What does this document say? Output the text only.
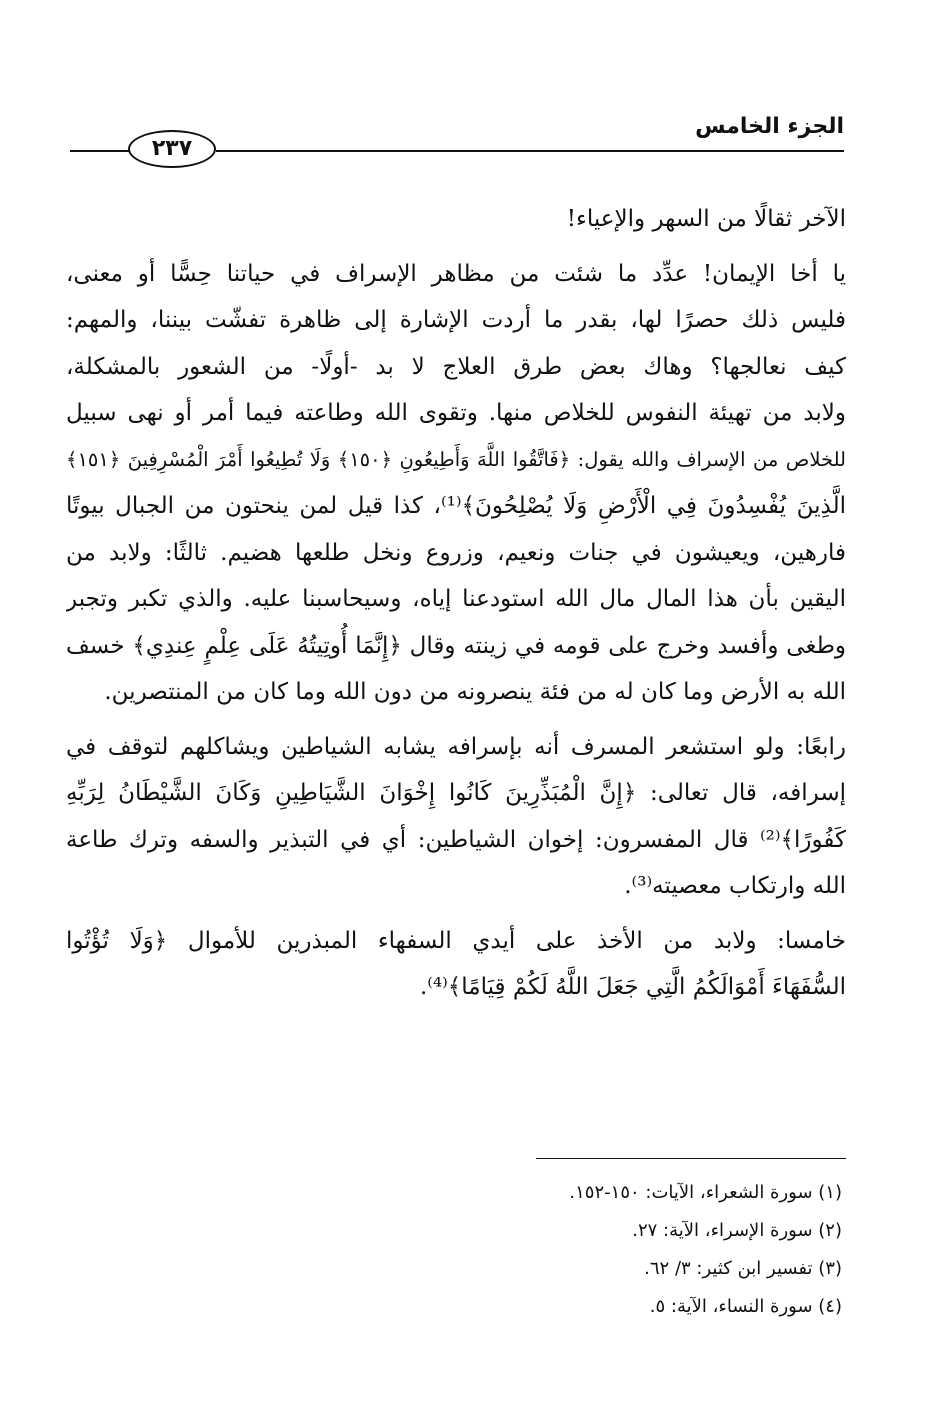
الجزء الخامس
٢٣٧
الآخر ثقالًا من السهر والإعياء!
يا أخا الإيمان! عدِّد ما شئت من مظاهر الإسراف في حياتنا حِسًّا أو معنى،
فليس ذلك حصرًا لها، بقدر ما أردت الإشارة إلى ظاهرة تفشّت بيننا، والمهم:
كيف نعالجها؟ وهاك بعض طرق العلاج لا بد -أولًا- من الشعور بالمشكلة،
ولابد من تهيئة النفوس للخلاص منها. وتقوى الله وطاعته فيما أمر أو نهى سبيل
للخلاص من الإسراف والله يقول: ﴿فَاتَّقُوا اللَّهَ وَأَطِيعُونِ ﴿١٥٠﴾ وَلَا تُطِيعُوا أَمْرَ الْمُسْرِفِينَ ﴿١٥١﴾
الَّذِينَ يُفْسِدُونَ فِي الْأَرْضِ وَلَا يُصْلِحُونَ﴾⁽¹⁾، كذا قيل لمن ينحتون من الجبال بيوتًا
فارهين، ويعيشون في جنات ونعيم، وزروع ونخل طلعها هضيم. ثالثًا: ولابد من
اليقين بأن هذا المال مال الله استودعنا إياه، وسيحاسبنا عليه. والذي تكبر وتجبر
وطغى وأفسد وخرج على قومه في زينته وقال ﴿إِنَّمَا أُوتِيتُهُ عَلَى عِلْمٍ عِندِي﴾ خسف
الله به الأرض وما كان له من فئة ينصرونه من دون الله وما كان من المنتصرين.
رابعًا: ولو استشعر المسرف أنه بإسرافه يشابه الشياطين ويشاكلهم لتوقف في
إسرافه، قال تعالى: ﴿إِنَّ الْمُبَذِّرِينَ كَانُوا إِخْوَانَ الشَّيَاطِينِ وَكَانَ الشَّيْطَانُ لِرَبِّهِ
كَفُورًا﴾⁽²⁾ قال المفسرون: إخوان الشياطين: أي في التبذير والسفه وترك طاعة
الله وارتكاب معصيته⁽³⁾.
خامسا: ولابد من الأخذ على أيدي السفهاء المبذرين للأموال ﴿وَلَا تُؤْتُوا
السُّفَهَاءَ أَمْوَالَكُمُ الَّتِي جَعَلَ اللَّهُ لَكُمْ قِيَامًا﴾⁽⁴⁾.
(١) سورة الشعراء، الآيات: ١٥٠-١٥٢.
(٢) سورة الإسراء، الآية: ٢٧.
(٣) تفسير ابن كثير: ٣/ ٦٢.
(٤) سورة النساء، الآية: ٥.
